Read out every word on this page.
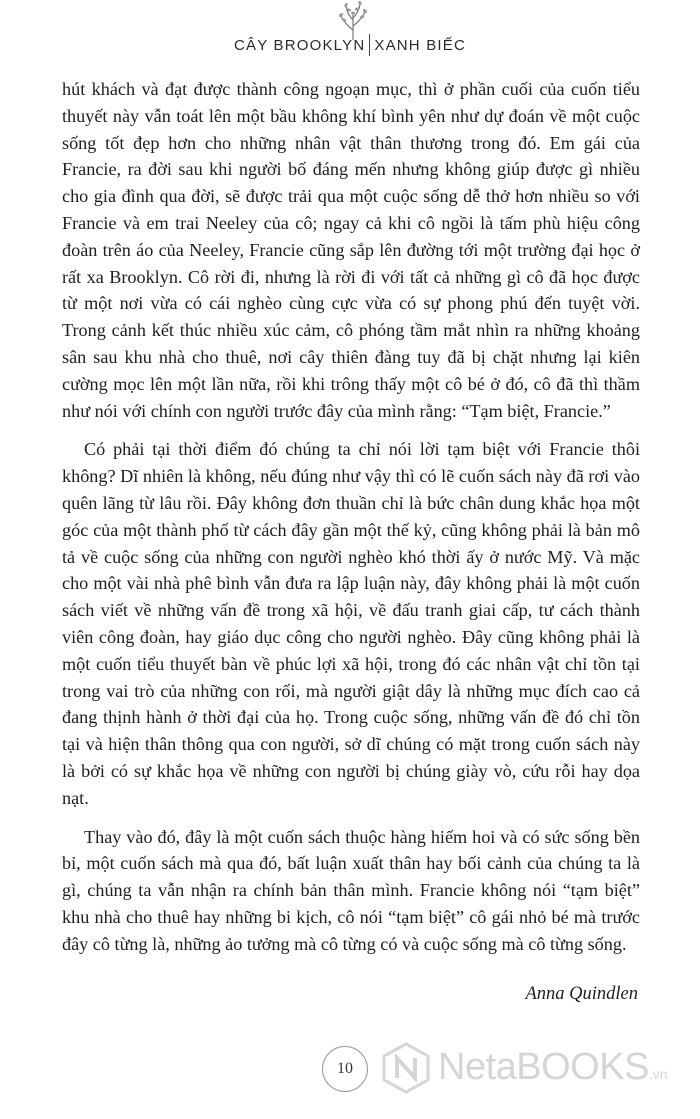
CÂY BROOKLYN XANH BIẾC

hút khách và đạt được thành công ngoạn mục, thì ở phần cuối của cuốn tiểu thuyết này vẫn toát lên một bầu không khí bình yên như dự đoán về một cuộc sống tốt đẹp hơn cho những nhân vật thân thương trong đó. Em gái của Francie, ra đời sau khi người bố đáng mến nhưng không giúp được gì nhiều cho gia đình qua đời, sẽ được trải qua một cuộc sống dễ thở hơn nhiều so với Francie và em trai Neeley của cô; ngay cả khi cô ngồi là tấm phù hiệu công đoàn trên áo của Neeley, Francie cũng sắp lên đường tới một trường đại học ở rất xa Brooklyn. Cô rời đi, nhưng là rời đi với tất cả những gì cô đã học được từ một nơi vừa có cái nghèo cùng cực vừa có sự phong phú đến tuyệt vời. Trong cảnh kết thúc nhiều xúc cảm, cô phóng tầm mắt nhìn ra những khoảng sân sau khu nhà cho thuê, nơi cây thiên đàng tuy đã bị chặt nhưng lại kiên cường mọc lên một lần nữa, rồi khi trông thấy một cô bé ở đó, cô đã thì thầm như nói với chính con người trước đây của mình rằng: “Tạm biệt, Francie.”

Có phải tại thời điểm đó chúng ta chỉ nói lời tạm biệt với Francie thôi không? Dĩ nhiên là không, nếu đúng như vậy thì có lẽ cuốn sách này đã rơi vào quên lãng từ lâu rồi. Đây không đơn thuần chỉ là bức chân dung khắc họa một góc của một thành phố từ cách đây gần một thế kỷ, cũng không phải là bản mô tả về cuộc sống của những con người nghèo khó thời ấy ở nước Mỹ. Và mặc cho một vài nhà phê bình vẫn đưa ra lập luận này, đây không phải là một cuốn sách viết về những vấn đề trong xã hội, về đấu tranh giai cấp, tư cách thành viên công đoàn, hay giáo dục công cho người nghèo. Đây cũng không phải là một cuốn tiểu thuyết bàn về phúc lợi xã hội, trong đó các nhân vật chỉ tồn tại trong vai trò của những con rối, mà người giật dây là những mục đích cao cả đang thịnh hành ở thời đại của họ. Trong cuộc sống, những vấn đề đó chỉ tồn tại và hiện thân thông qua con người, sở dĩ chúng có mặt trong cuốn sách này là bởi có sự khắc họa về những con người bị chúng giày vò, cứu rỗi hay dọa nạt.

Thay vào đó, đây là một cuốn sách thuộc hàng hiếm hoi và có sức sống bền bỉ, một cuốn sách mà qua đó, bất luận xuất thân hay bối cảnh của chúng ta là gì, chúng ta vẫn nhận ra chính bản thân mình. Francie không nói “tạm biệt” khu nhà cho thuê hay những bi kịch, cô nói “tạm biệt” cô gái nhỏ bé mà trước đây cô từng là, những ảo tưởng mà cô từng có và cuộc sống mà cô từng sống.

Anna Quindlen
10	NetaBOOKS.vn
